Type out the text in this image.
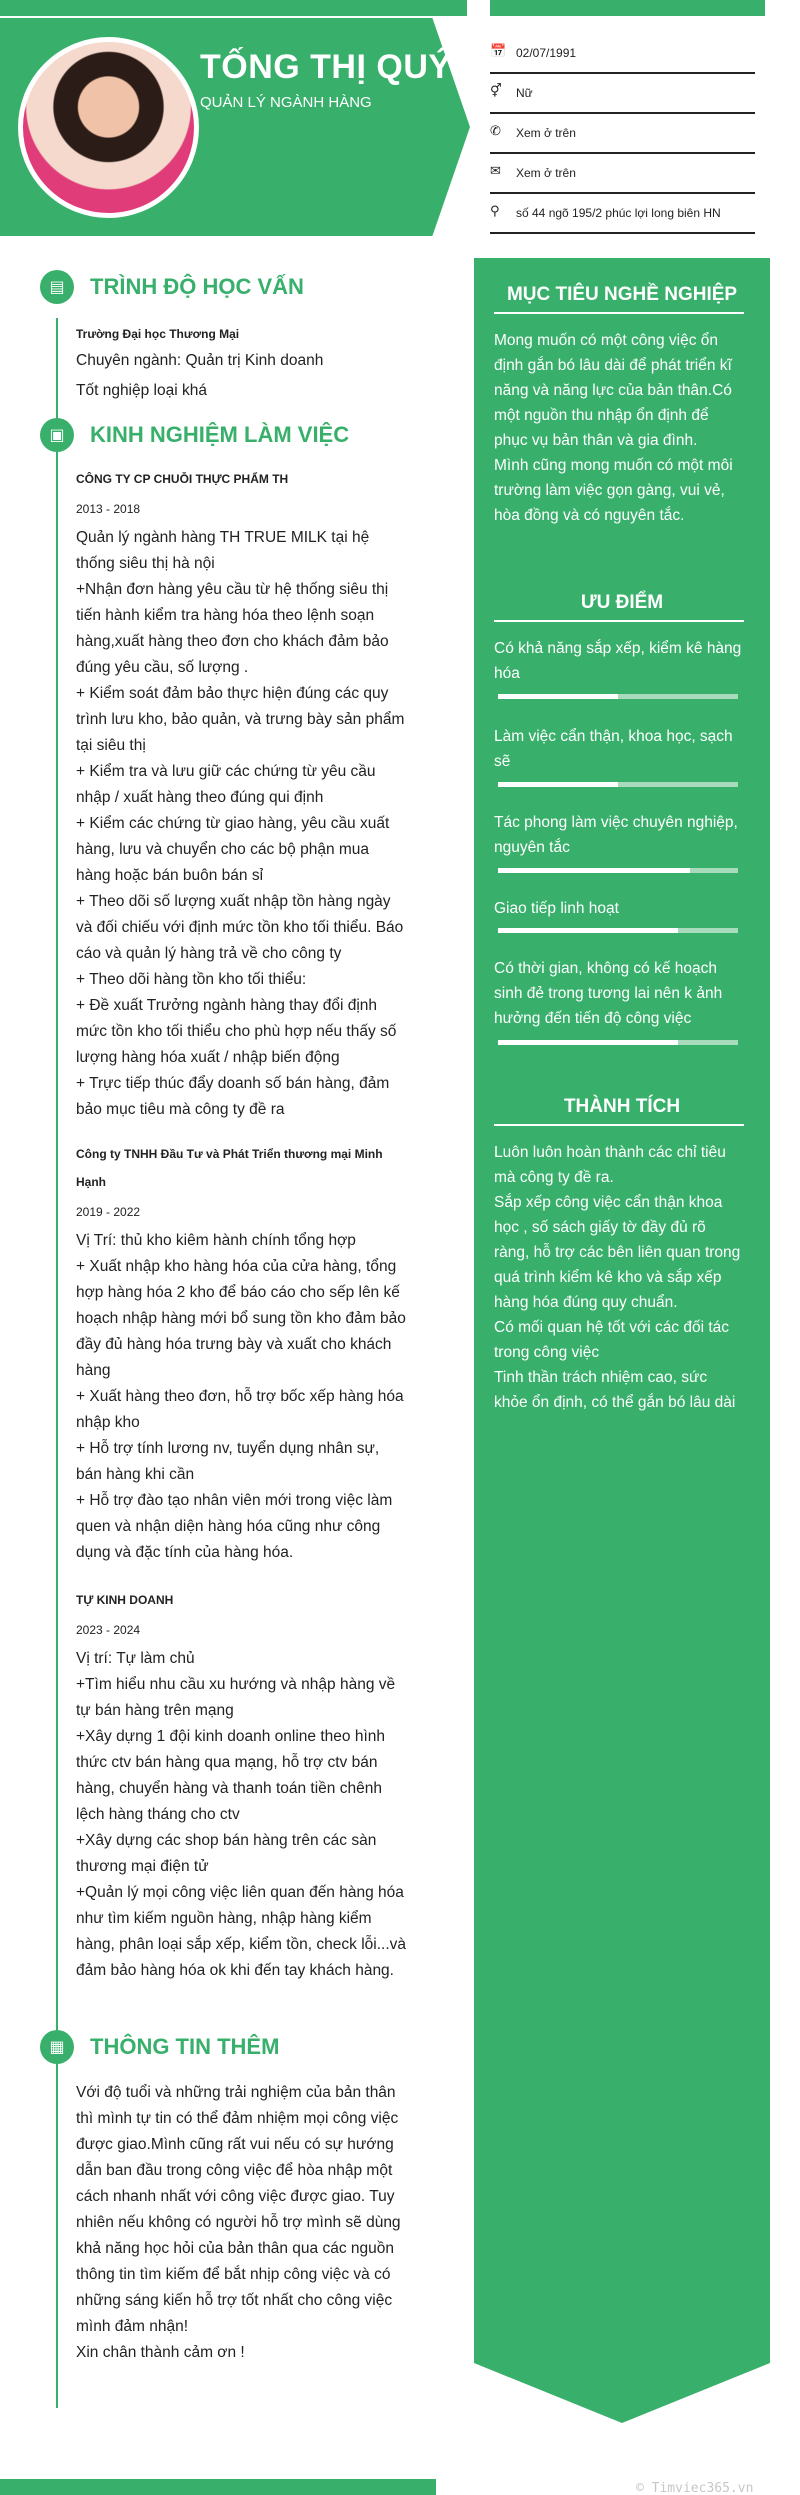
TỐNG THỊ QUÝ
QUẢN LÝ NGÀNH HÀNG
📅 02/07/1991
⚥	Nữ
✆	Xem ở trên
✉	Xem ở trên
⚲	số 44 ngõ 195/2 phúc lợi long biên HN
MỤC TIÊU NGHỀ NGHIỆP

Mong muốn có một công việc ổn định gắn bó lâu dài để phát triển kĩ năng và năng lực của bản thân.Có một nguồn thu nhập ổn định để phục vụ bản thân và gia đình.

Mình cũng mong muốn có một môi trường làm việc gọn gàng, vui vẻ, hòa đồng và có nguyên tắc.

ƯU ĐIỂM
Có khả năng sắp xếp, kiểm kê hàng hóa
Làm việc cẩn thận, khoa học, sạch sẽ
Tác phong làm việc chuyên nghiệp, nguyên tắc
Giao tiếp linh hoạt
Có thời gian, không có kế hoạch sinh đẻ trong tương lai nên k ảnh hưởng đến tiến độ công việc
THÀNH TÍCH

Luôn luôn hoàn thành các chỉ tiêu mà công ty đề ra.

Sắp xếp công việc cẩn thận khoa học , số sách giấy tờ đầy đủ rõ ràng, hỗ trợ các bên liên quan trong quá trình kiểm kê kho và sắp xếp hàng hóa đúng quy chuẩn.

Có mối quan hệ tốt với các đối tác trong công việc

Tinh thần trách nhiệm cao, sức khỏe ổn định, có thể gắn bó lâu dài

▤	TRÌNH ĐỘ HỌC VẤN

Trường Đại học Thương Mại

Chuyên ngành: Quản trị Kinh doanh

Tốt nghiệp loại khá

▣	KINH NGHIỆM LÀM VIỆC

CÔNG TY CP CHUỖI THỰC PHẨM TH

2013 - 2018

Quản lý ngành hàng TH TRUE MILK tại hệ thống siêu thị hà nội

+Nhận đơn hàng yêu cầu từ hệ thống siêu thị tiến hành kiểm tra hàng hóa theo lệnh soạn hàng,xuất hàng theo đơn cho khách đảm bảo đúng yêu cầu, số lượng .

+ Kiểm soát đảm bảo thực hiện đúng các quy trình lưu kho, bảo quản, và trưng bày sản phẩm tại siêu thị

+ Kiểm tra và lưu giữ các chứng từ yêu cầu nhập / xuất hàng theo đúng qui định

+ Kiểm các chứng từ giao hàng, yêu cầu xuất hàng, lưu và chuyển cho các bộ phận mua hàng hoặc bán buôn bán sỉ

+ Theo dõi số lượng xuất nhập tồn hàng ngày và đối chiếu với định mức tồn kho tối thiểu. Báo cáo và quản lý hàng trả về cho công ty

+ Theo dõi hàng tồn kho tối thiểu:

+ Đề xuất Trưởng ngành hàng thay đổi định mức tồn kho tối thiểu cho phù hợp nếu thấy số lượng hàng hóa xuất / nhập biến động

+ Trực tiếp thúc đẩy doanh số bán hàng, đảm bảo mục tiêu mà công ty đề ra

Công ty TNHH Đầu Tư và Phát Triển thương mại Minh Hạnh

2019 - 2022

Vị Trí: thủ kho kiêm hành chính tổng hợp

+ Xuất nhập kho hàng hóa của cửa hàng, tổng hợp hàng hóa 2 kho để báo cáo cho sếp lên kế hoạch nhập hàng mới bổ sung tồn kho đảm bảo đầy đủ hàng hóa trưng bày và xuất cho khách hàng

+ Xuất hàng theo đơn, hỗ trợ bốc xếp hàng hóa nhập kho

+ Hỗ trợ tính lương nv, tuyển dụng nhân sự, bán hàng khi cần

+ Hỗ trợ đào tạo nhân viên mới trong việc làm quen và nhận diện hàng hóa cũng như công dụng và đặc tính của hàng hóa.

TỰ KINH DOANH

2023 - 2024

Vị trí: Tự làm chủ

+Tìm hiểu nhu cầu xu hướng và nhập hàng về tự bán hàng trên mạng

+Xây dựng 1 đội kinh doanh online theo hình thức ctv bán hàng qua mạng, hỗ trợ ctv bán hàng, chuyển hàng và thanh toán tiền chênh lệch hàng tháng cho ctv

+Xây dựng các shop bán hàng trên các sàn thương mại điện tử

+Quản lý mọi công việc liên quan đến hàng hóa như tìm kiếm nguồn hàng, nhập hàng kiểm hàng, phân loại sắp xếp, kiểm tồn, check lỗi...và đảm bảo hàng hóa ok khi đến tay khách hàng.

▦	THÔNG TIN THÊM

Với độ tuổi và những trải nghiệm của bản thân thì mình tự tin có thể đảm nhiệm mọi công việc được giao.Mình cũng rất vui nếu có sự hướng dẫn ban đầu trong công việc để hòa nhập một cách nhanh nhất với công việc được giao. Tuy nhiên nếu không có người hỗ trợ mình sẽ dùng khả năng học hỏi của bản thân qua các nguồn thông tin tìm kiếm để bắt nhịp công việc và có những sáng kiến hỗ trợ tốt nhất cho công việc mình đảm nhận!

Xin chân thành cảm ơn !

© Timviec365.vn
